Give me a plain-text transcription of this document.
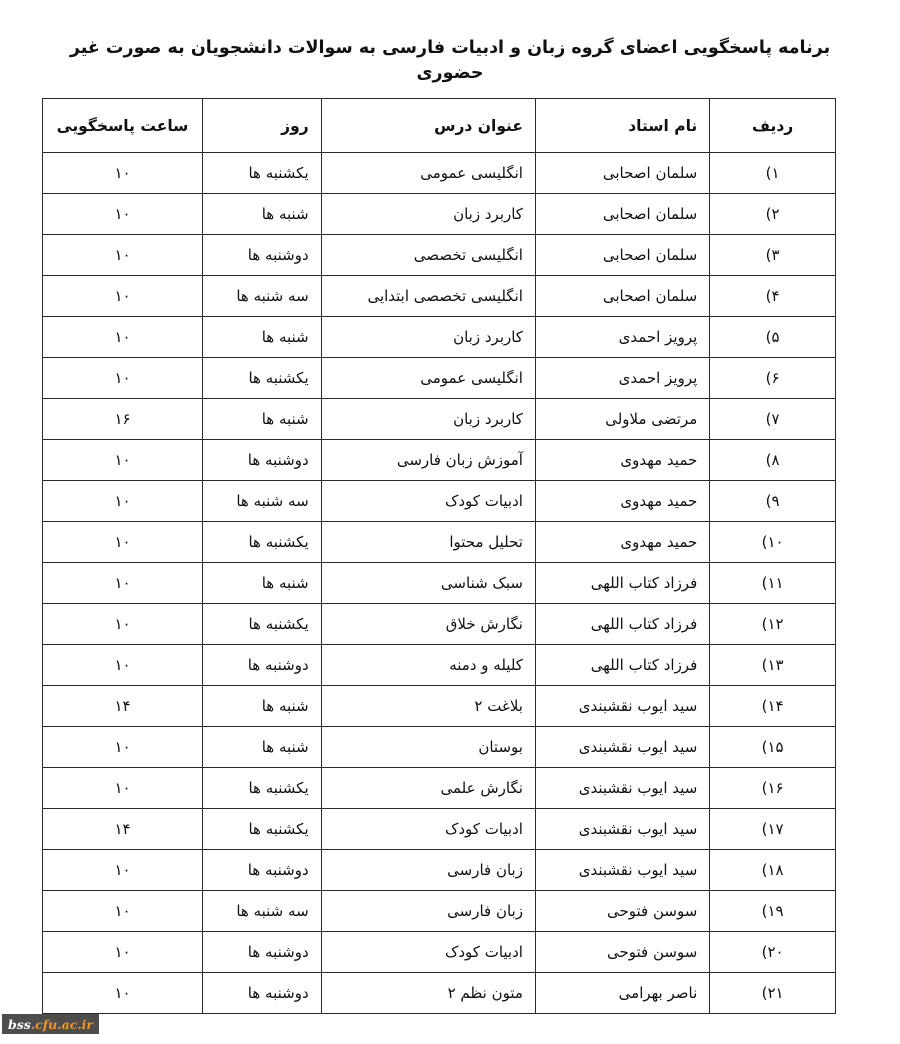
برنامه پاسخگویی اعضای گروه زبان و ادبیات فارسی به سوالات دانشجویان به صورت غیر حضوری
ردیف	نام استاد	عنوان درس	روز	ساعت پاسخگویی
۱)	سلمان اصحابی	انگلیسی عمومی	یکشنبه ها	۱۰
۲)	سلمان اصحابی	کاربرد زبان	شنبه ها	۱۰
۳)	سلمان اصحابی	انگلیسی تخصصی	دوشنبه ها	۱۰
۴)	سلمان اصحابی	انگلیسی تخصصی ابتدایی	سه شنبه ها	۱۰
۵)	پرویز احمدی	کاربرد زبان	شنبه ها	۱۰
۶)	پرویز احمدی	انگلیسی عمومی	یکشنبه ها	۱۰
۷)	مرتضی ملاولی	کاربرد زبان	شنبه ها	۱۶
۸)	حمید مهدوی	آموزش زبان فارسی	دوشنبه ها	۱۰
۹)	حمید مهدوی	ادبیات کودک	سه شنبه ها	۱۰
۱۰)	حمید مهدوی	تحلیل محتوا	یکشنبه ها	۱۰
۱۱)	فرزاد کتاب اللهی	سبک شناسی	شنبه ها	۱۰
۱۲)	فرزاد کتاب اللهی	نگارش خلاق	یکشنبه ها	۱۰
۱۳)	فرزاد کتاب اللهی	کلیله و دمنه	دوشنبه ها	۱۰
۱۴)	سید ایوب نقشبندی	بلاغت ۲	شنبه ها	۱۴
۱۵)	سید ایوب نقشبندی	بوستان	شنبه ها	۱۰
۱۶)	سید ایوب نقشبندی	نگارش علمی	یکشنبه ها	۱۰
۱۷)	سید ایوب نقشبندی	ادبیات کودک	یکشنبه ها	۱۴
۱۸)	سید ایوب نقشبندی	زبان فارسی	دوشنبه ها	۱۰
۱۹)	سوسن فتوحی	زبان فارسی	سه شنبه ها	۱۰
۲۰)	سوسن فتوحی	ادبیات کودک	دوشنبه ها	۱۰
۲۱)	ناصر بهرامی	متون نظم ۲	دوشنبه ها	۱۰
bss .cfu.ac.ir
